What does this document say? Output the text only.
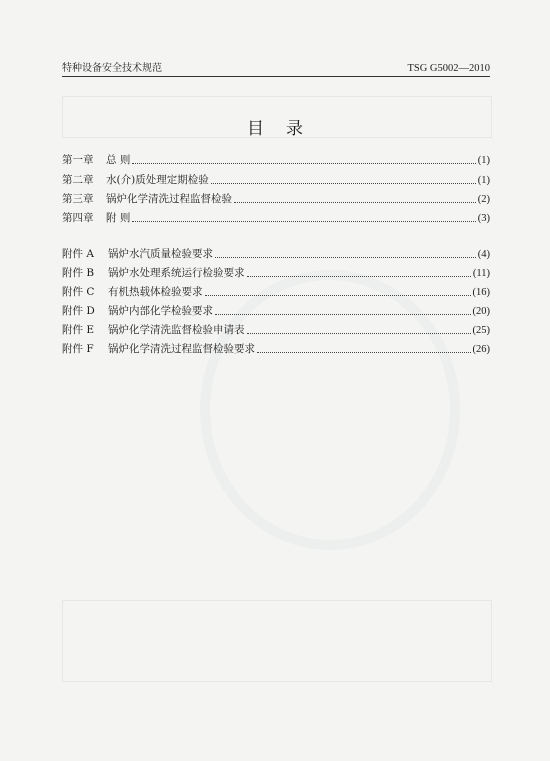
特种设备安全技术规范	TSG G5002—2010
目录
第一章	总 则	(1)
第二章	水(介)质处理定期检验	(1)
第三章	锅炉化学清洗过程监督检验	(2)
第四章	附 则	(3)
附件 A	锅炉水汽质量检验要求	(4)
附件 B	锅炉水处理系统运行检验要求	(11)
附件 C	有机热载体检验要求	(16)
附件 D	锅炉内部化学检验要求	(20)
附件 E	锅炉化学清洗监督检验申请表	(25)
附件 F	锅炉化学清洗过程监督检验要求	(26)
